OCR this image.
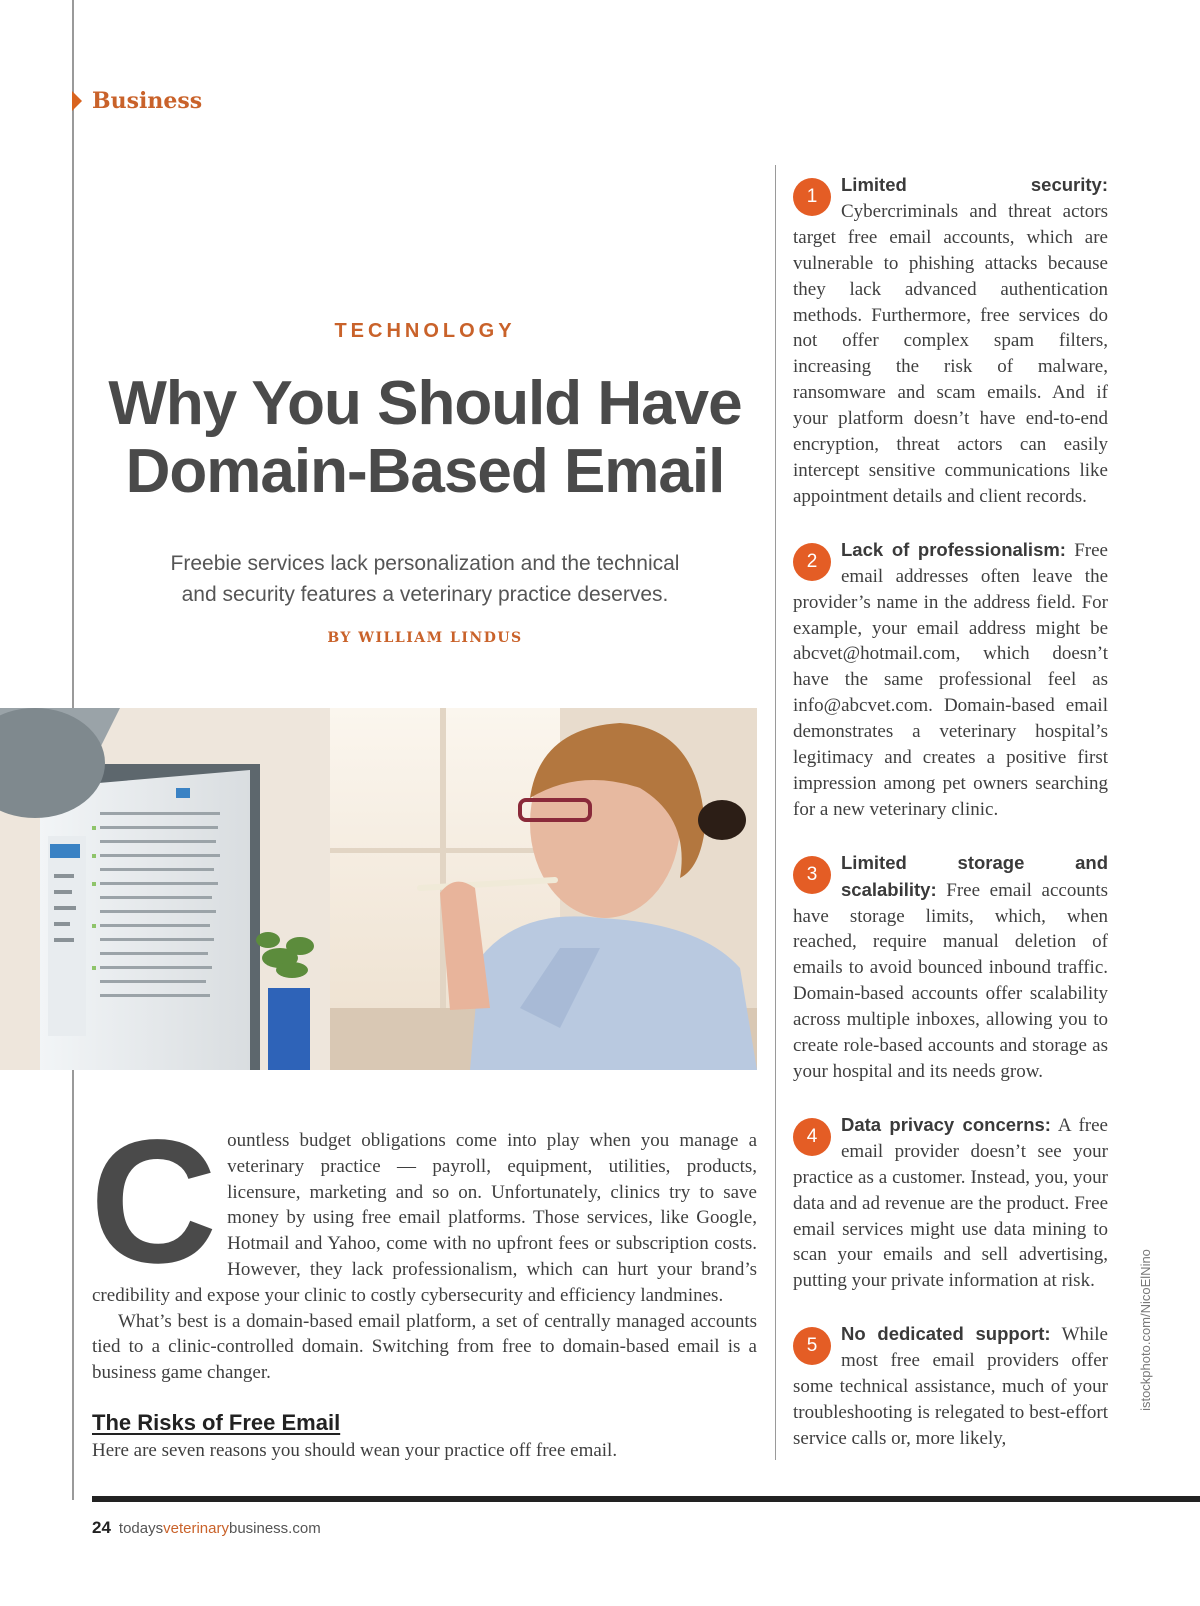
Business
TECHNOLOGY
Why You Should Have
Domain-Based Email
Freebie services lack personalization and the technical
and security features a veterinary practice deserves.
BY WILLIAM LINDUS
C ountless budget obligations come into play when you manage a veterinary practice — payroll, equipment, utilities, products, licensure, marketing and so on. Unfortunately, clinics try to save money by using free email platforms. Those services, like Google, Hotmail and Yahoo, come with no upfront fees or subscription costs. However, they lack professionalism, which can hurt your brand’s credibility and expose your clinic to costly cybersecurity and efficiency landmines.

What’s best is a domain-based email platform, a set of centrally managed accounts tied to a clinic-controlled domain. Switching from free to domain-based email is a business game changer.

The Risks of Free Email
Here are seven reasons you should wean your practice off free email.
1

Limited security: Cybercriminals and threat actors target free email accounts, which are vulnerable to phishing attacks because they lack advanced authentication methods. Furthermore, free services do not offer complex spam filters, increasing the risk of malware, ransomware and scam emails. And if your platform doesn’t have end-to-end encryption, threat actors can easily intercept sensitive communications like appointment details and client records.

2

Lack of professionalism: Free email addresses often leave the provider’s name in the address field. For example, your email address might be abcvet@hotmail.com, which doesn’t have the same professional feel as info@abcvet.com. Domain-based email demonstrates a veterinary hospital’s legitimacy and creates a positive first impression among pet owners searching for a new veterinary clinic.

3

Limited storage and scalability: Free email accounts have storage limits, which, when reached, require manual deletion of emails to avoid bounced inbound traffic. Domain-based accounts offer scalability across multiple inboxes, allowing you to create role-based accounts and storage as your hospital and its needs grow.

4

Data privacy concerns: A free email provider doesn’t see your practice as a customer. Instead, you, your data and ad revenue are the product. Free email services might use data mining to scan your emails and sell advertising, putting your private information at risk.

5

No dedicated support: While most free email providers offer some technical assistance, much of your troubleshooting is relegated to best-effort service calls or, more likely,

istockphoto.com/NicoElNino
24 todaysveterinarybusiness.com
